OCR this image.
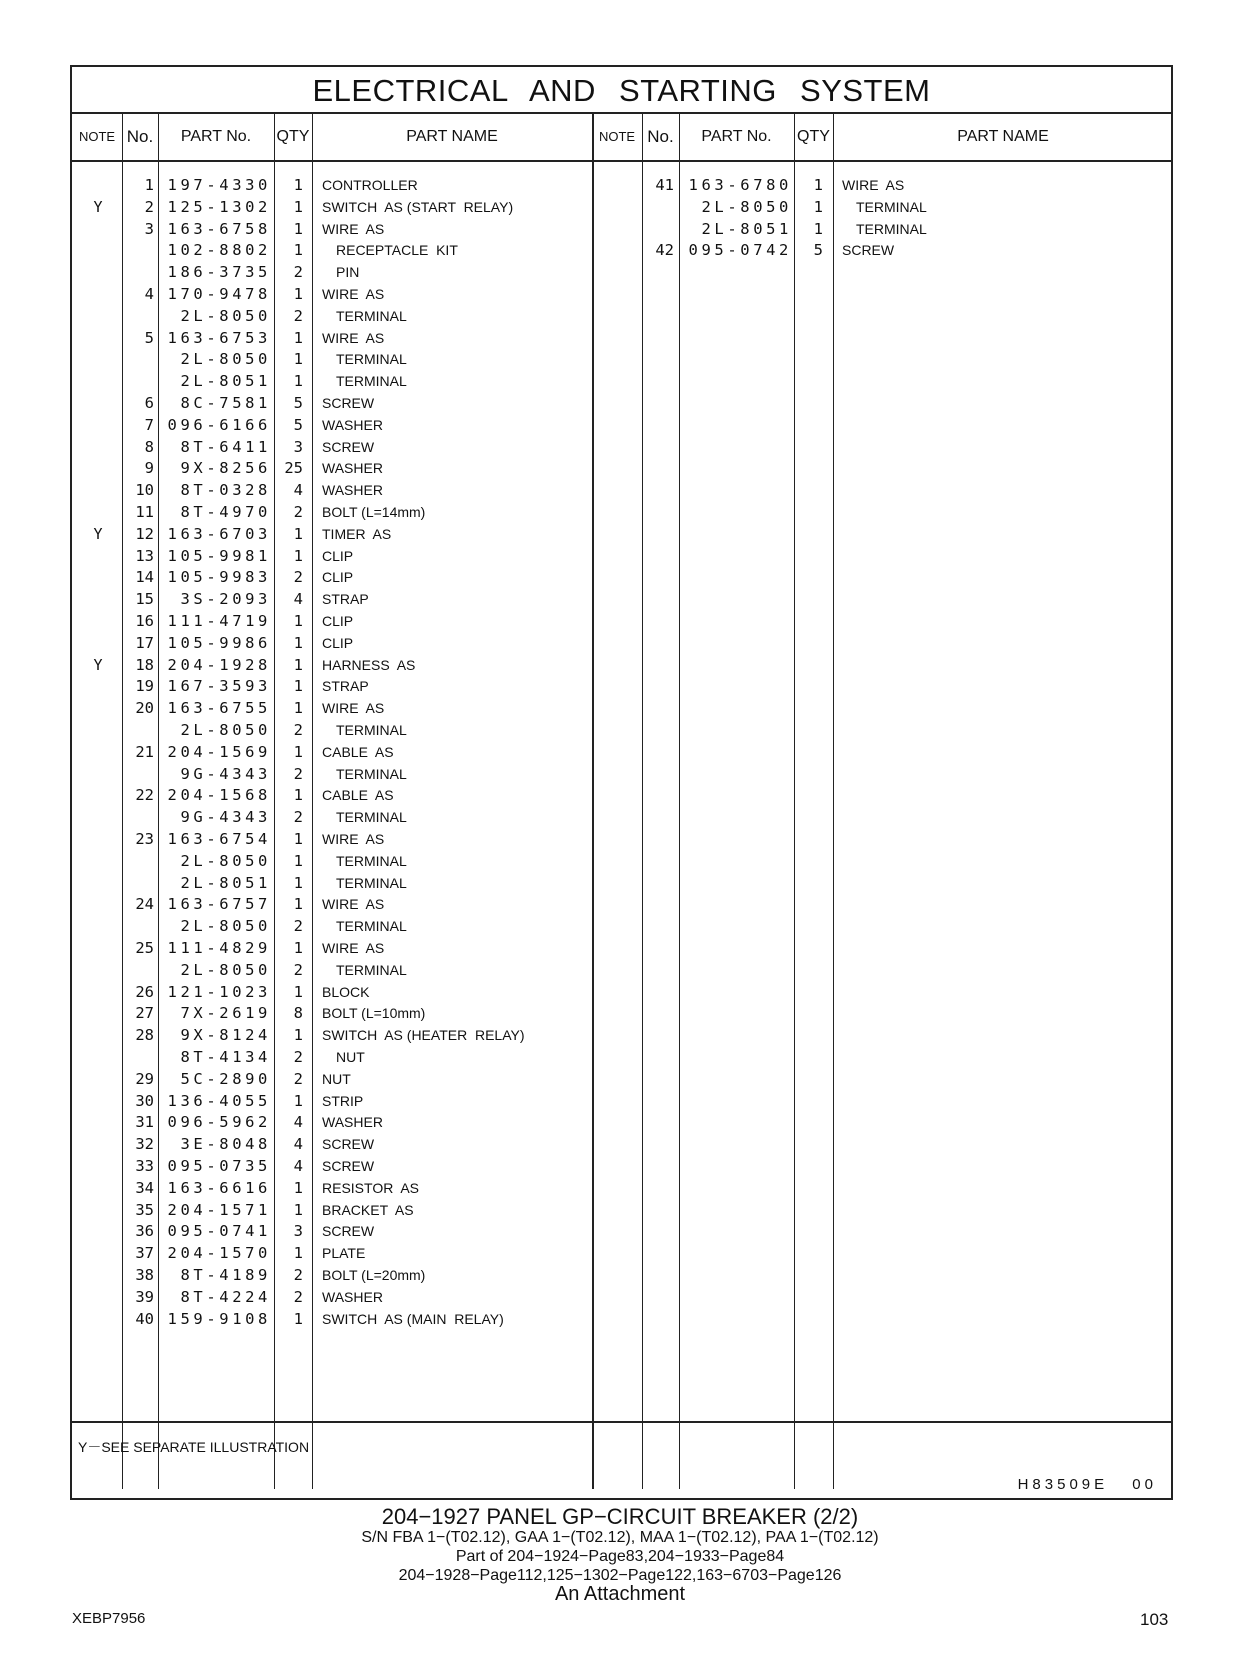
ELECTRICAL AND STARTING SYSTEM
NOTE No.	PART No.	QTY	PART NAME	NOTE No.	PART No.	QTY	PART NAME
1 197-4330	1 CONTROLLER
Y	2 125-1302	1 SWITCH  AS (START  RELAY)
3 163-6758	1 WIRE  AS
102-8802	1	RECEPTACLE  KIT
186-3735	2	PIN
4 170-9478	1 WIRE  AS
2L-8050	2	TERMINAL
5 163-6753	1 WIRE  AS
2L-8050	1	TERMINAL
2L-8051	1	TERMINAL
6	8C-7581	5 SCREW
7 096-6166	5 WASHER
8	8T-6411	3 SCREW
9	9X-8256 25 WASHER
10	8T-0328	4 WASHER
11	8T-4970	2 BOLT (L=14mm)
Y	12 163-6703	1 TIMER  AS
13 105-9981	1 CLIP
14 105-9983	2 CLIP
15	3S-2093	4 STRAP
16 111-4719	1 CLIP
17 105-9986	1 CLIP
Y	18 204-1928	1 HARNESS  AS
19 167-3593	1 STRAP
20 163-6755	1 WIRE  AS
2L-8050	2	TERMINAL
21 204-1569	1 CABLE  AS
9G-4343	2	TERMINAL
22 204-1568	1 CABLE  AS
9G-4343	2	TERMINAL
23 163-6754	1 WIRE  AS
2L-8050	1	TERMINAL
2L-8051	1	TERMINAL
24 163-6757	1 WIRE  AS
2L-8050	2	TERMINAL
25 111-4829	1 WIRE  AS
2L-8050	2	TERMINAL
26 121-1023	1 BLOCK
27	7X-2619	8 BOLT (L=10mm)
28	9X-8124	1 SWITCH  AS (HEATER  RELAY)
8T-4134	2	NUT
29	5C-2890	2 NUT
30 136-4055	1 STRIP
31 096-5962	4 WASHER
32	3E-8048	4 SCREW
33 095-0735	4 SCREW
34 163-6616	1 RESISTOR  AS
35 204-1571	1 BRACKET  AS
36 095-0741	3 SCREW
37 204-1570	1 PLATE
38	8T-4189	2 BOLT (L=20mm)
39	8T-4224	2 WASHER
40 159-9108	1 SWITCH  AS (MAIN  RELAY)
41 163-6780	1 WIRE  AS
2L-8050	1	TERMINAL
2L-8051	1	TERMINAL
42 095-0742	5 SCREW
Y－SEE SEPARATE ILLUSTRATION
H83509E 00
204−1927 PANEL GP−CIRCUIT BREAKER (2/2)
S/N FBA 1−(T02.12), GAA 1−(T02.12), MAA 1−(T02.12), PAA 1−(T02.12)
Part of 204−1924−Page83,204−1933−Page84
204−1928−Page112,125−1302−Page122,163−6703−Page126
An Attachment
XEBP7956	103
